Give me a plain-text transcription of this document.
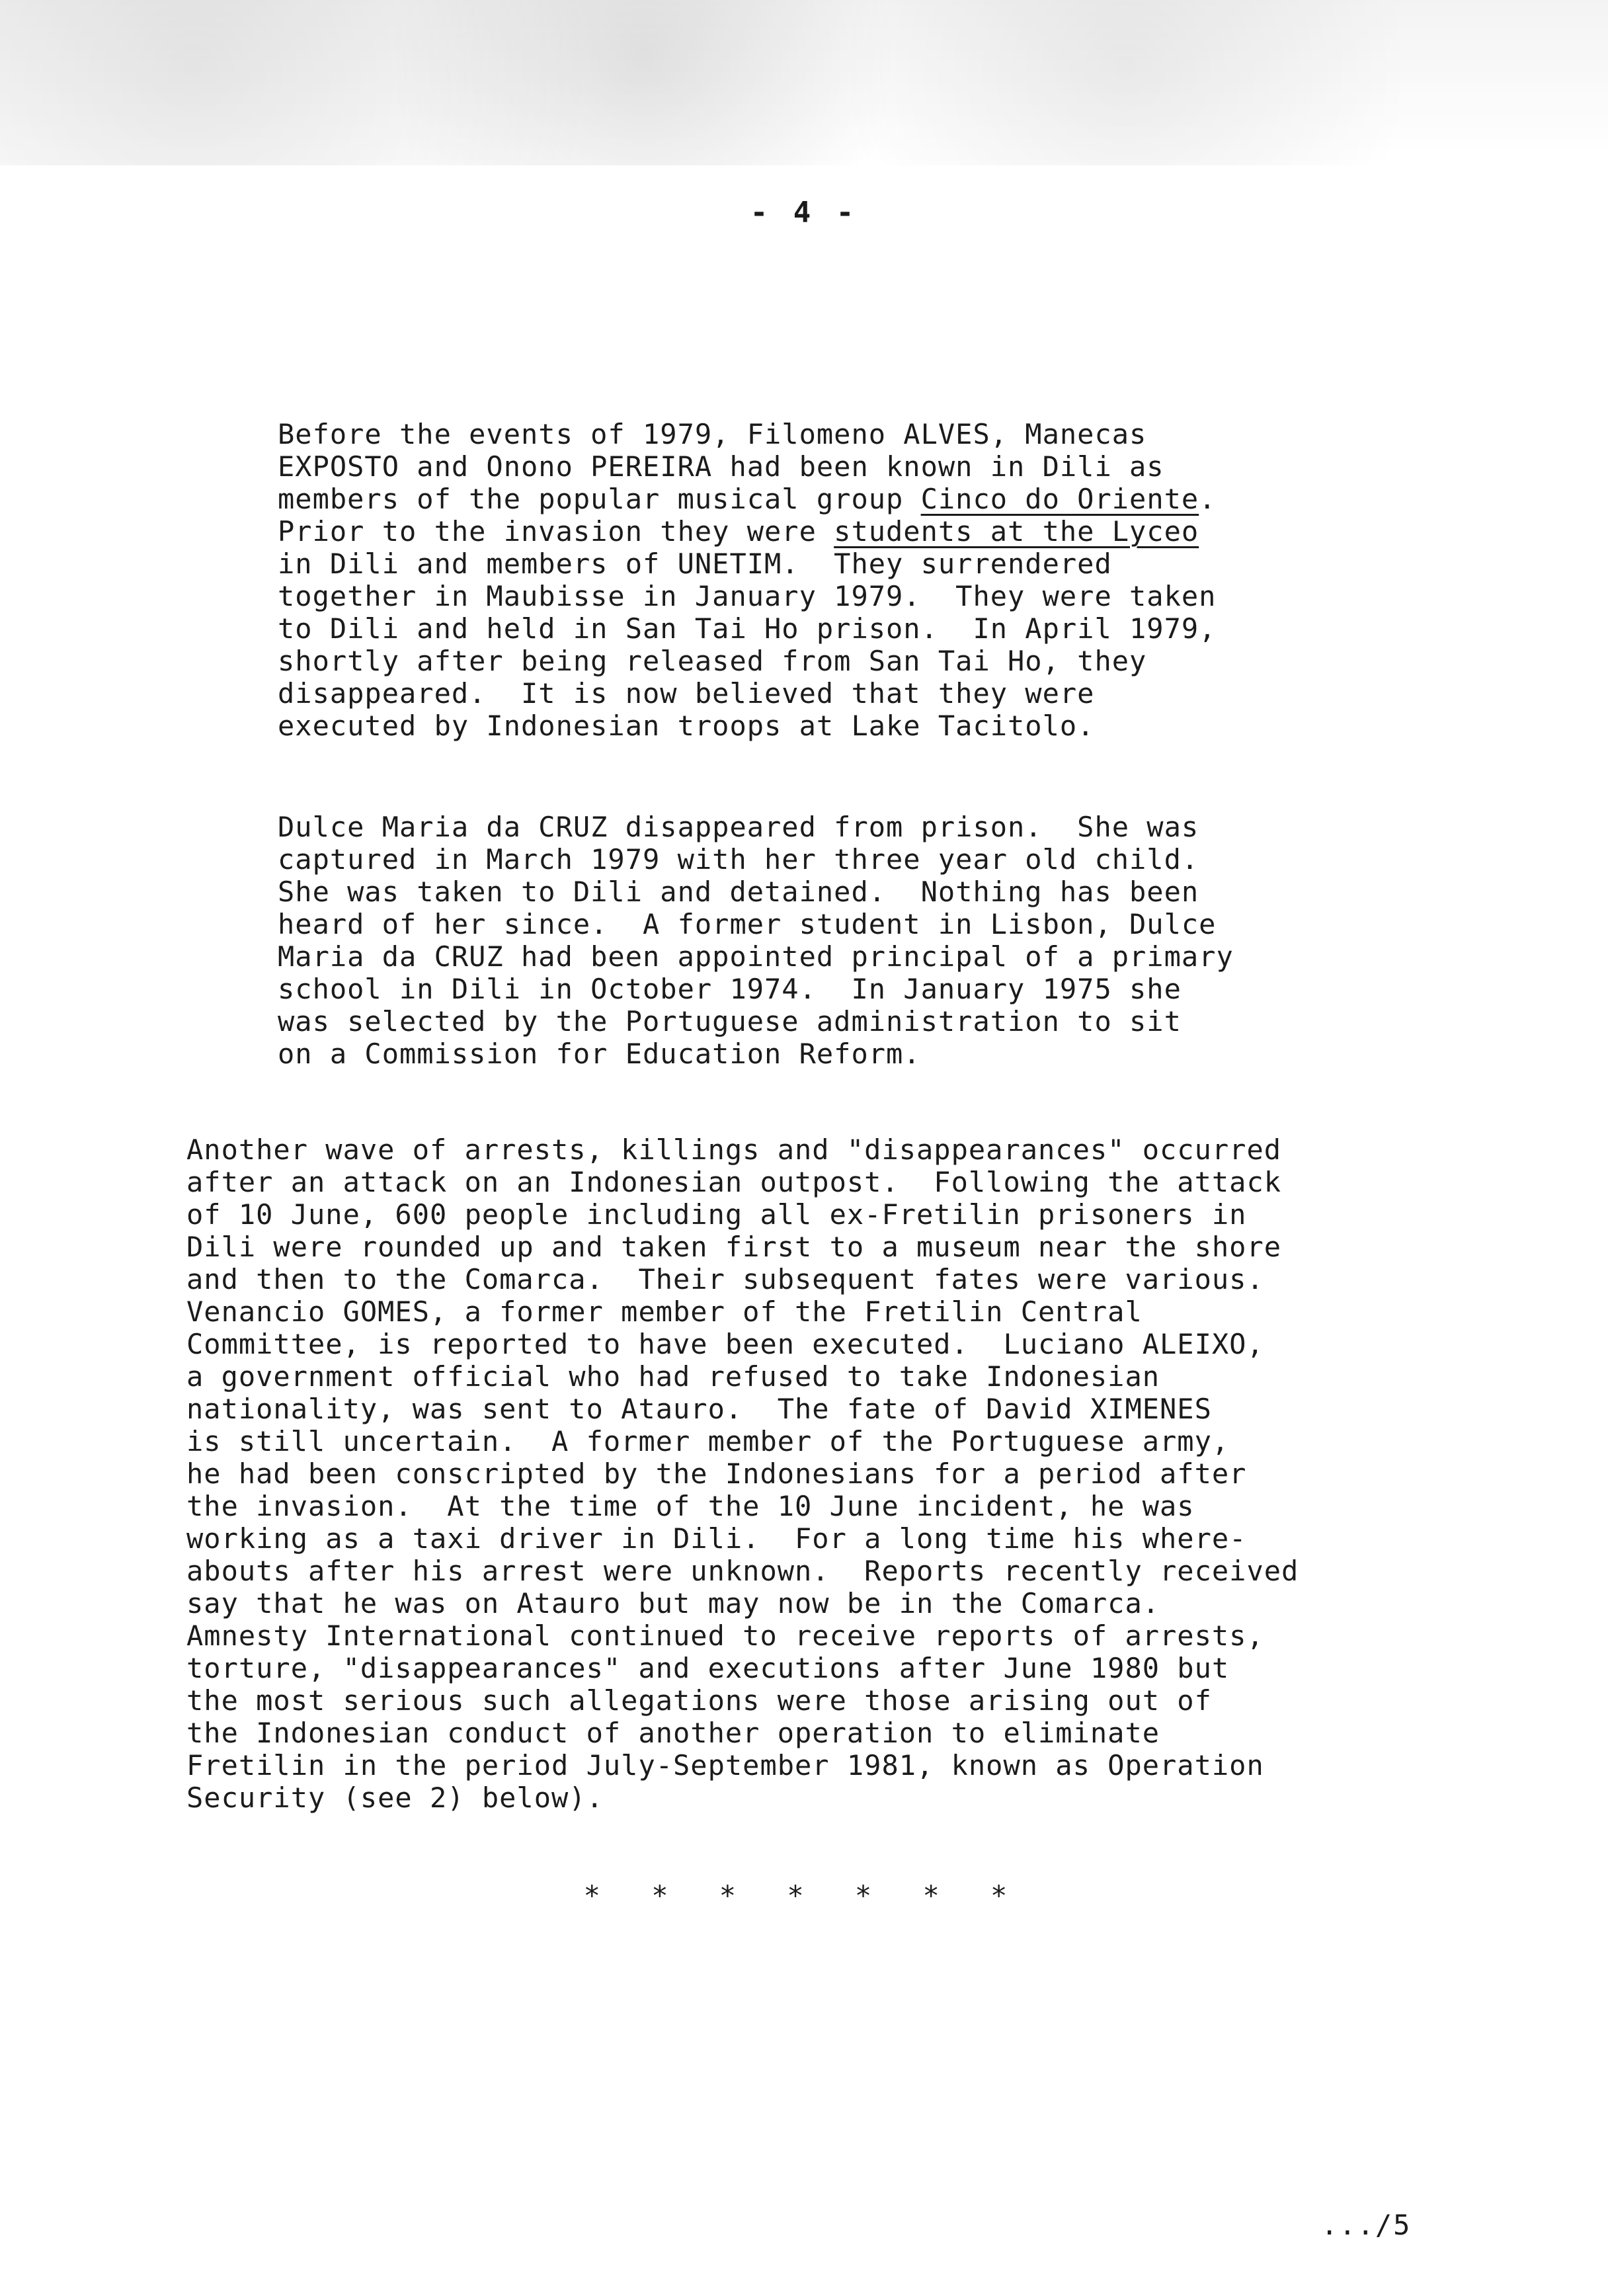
- 4 -
Before the events of 1979, Filomeno ALVES, Manecas
EXPOSTO and Onono PEREIRA had been known in Dili as
members of the popular musical group Cinco do Oriente.
Prior to the invasion they were students at the Lyceo
in Dili and members of UNETIM.  They surrendered
together in Maubisse in January 1979.  They were taken
to Dili and held in San Tai Ho prison.  In April 1979,
shortly after being released from San Tai Ho, they
disappeared.  It is now believed that they were
executed by Indonesian troops at Lake Tacitolo.
Dulce Maria da CRUZ disappeared from prison.  She was
captured in March 1979 with her three year old child.
She was taken to Dili and detained.  Nothing has been
heard of her since.  A former student in Lisbon, Dulce
Maria da CRUZ had been appointed principal of a primary
school in Dili in October 1974.  In January 1975 she
was selected by the Portuguese administration to sit
on a Commission for Education Reform.
Another wave of arrests, killings and "disappearances" occurred
after an attack on an Indonesian outpost.  Following the attack
of 10 June, 600 people including all ex-Fretilin prisoners in
Dili were rounded up and taken first to a museum near the shore
and then to the Comarca.  Their subsequent fates were various.
Venancio GOMES, a former member of the Fretilin Central
Committee, is reported to have been executed.  Luciano ALEIXO,
a government official who had refused to take Indonesian
nationality, was sent to Atauro.  The fate of David XIMENES
is still uncertain.  A former member of the Portuguese army,
he had been conscripted by the Indonesians for a period after
the invasion.  At the time of the 10 June incident, he was
working as a taxi driver in Dili.  For a long time his where-
abouts after his arrest were unknown.  Reports recently received
say that he was on Atauro but may now be in the Comarca.
Amnesty International continued to receive reports of arrests,
torture, "disappearances" and executions after June 1980 but
the most serious such allegations were those arising out of
the Indonesian conduct of another operation to eliminate
Fretilin in the period July-September 1981, known as Operation
Security (see 2) below).
* * * * * * *
.../5
